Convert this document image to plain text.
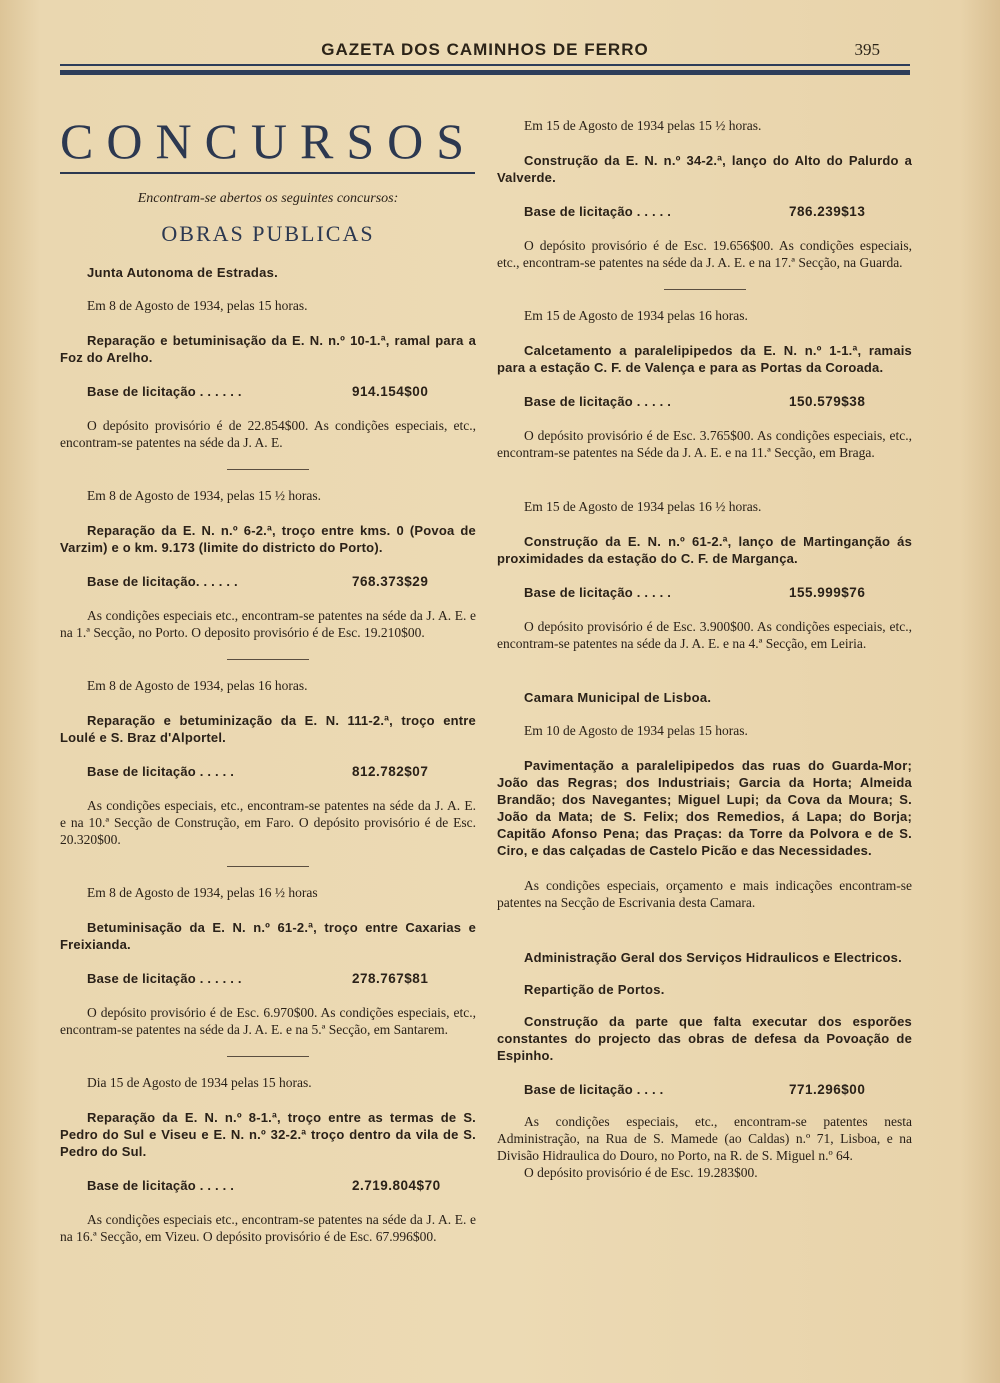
GAZETA DOS CAMINHOS DE FERRO	395
CONCURSOS

Encontram-se abertos os seguintes concursos:

OBRAS PUBLICAS

Junta Autonoma de Estradas.

Em 8 de Agosto de 1934, pelas 15 horas.

Reparação e betuminisação da E. N. n.º 10-1.ª, ramal para a Foz do Arelho.

Base de licitação . . . . . .	914.154$00

O depósito provisório é de 22.854$00. As condições especiais, etc., encontram-se patentes na séde da J. A. E.

Em 8 de Agosto de 1934, pelas 15 ½ horas.

Reparação da E. N. n.º 6-2.ª, troço entre kms. 0 (Povoa de Varzim) e o km. 9.173 (limite do districto do Porto).

Base de licitação. . . . . .	768.373$29

As condições especiais etc., encontram-se patentes na séde da J. A. E. e na 1.ª Secção, no Porto. O deposito provisório é de Esc. 19.210$00.

Em 8 de Agosto de 1934, pelas 16 horas.

Reparação e betuminização da E. N. 111-2.ª, troço entre Loulé e S. Braz d'Alportel.

Base de licitação . . . . .	812.782$07

As condições especiais, etc., encontram-se patentes na séde da J. A. E. e na 10.ª Secção de Construção, em Faro. O depósito provisório é de Esc. 20.320$00.

Em 8 de Agosto de 1934, pelas 16 ½ horas

Betuminisação da E. N. n.º 61-2.ª, troço entre Caxarias e Freixianda.

Base de licitação . . . . . .	278.767$81

O depósito provisório é de Esc. 6.970$00. As condições especiais, etc., encontram-se patentes na séde da J. A. E. e na 5.ª Secção, em Santarem.

Dia 15 de Agosto de 1934 pelas 15 horas.

Reparação da E. N. n.º 8-1.ª, troço entre as termas de S. Pedro do Sul e Viseu e E. N. n.º 32-2.ª troço dentro da vila de S. Pedro do Sul.

Base de licitação . . . . .	2.719.804$70

As condições especiais etc., encontram-se patentes na séde da J. A. E. e na 16.ª Secção, em Vizeu. O depósito provisório é de Esc. 67.996$00.

Em 15 de Agosto de 1934 pelas 15 ½ horas.

Construção da E. N. n.º 34-2.ª, lanço do Alto do Palurdo a Valverde.

Base de licitação . . . . .	786.239$13

O depósito provisório é de Esc. 19.656$00. As condições especiais, etc., encontram-se patentes na séde da J. A. E. e na 17.ª Secção, na Guarda.

Em 15 de Agosto de 1934 pelas 16 horas.

Calcetamento a paralelipipedos da E. N. n.º 1-1.ª, ramais para a estação C. F. de Valença e para as Portas da Coroada.

Base de licitação . . . . .	150.579$38

O depósito provisório é de Esc. 3.765$00. As condições especiais, etc., encontram-se patentes na Séde da J. A. E. e na 11.ª Secção, em Braga.

Em 15 de Agosto de 1934 pelas 16 ½ horas.

Construção da E. N. n.º 61-2.ª, lanço de Martinganção ás proximidades da estação do C. F. de Margança.

Base de licitação . . . . .	155.999$76

O depósito provisório é de Esc. 3.900$00. As condições especiais, etc., encontram-se patentes na séde da J. A. E. e na 4.ª Secção, em Leiria.

Camara Municipal de Lisboa.

Em 10 de Agosto de 1934 pelas 15 horas.

Pavimentação a paralelipipedos das ruas do Guarda-Mor; João das Regras; dos Industriais; Garcia da Horta; Almeida Brandão; dos Navegantes; Miguel Lupi; da Cova da Moura; S. João da Mata; de S. Felix; dos Remedios, á Lapa; do Borja; Capitão Afonso Pena; das Praças: da Torre da Polvora e de S. Ciro, e das calçadas de Castelo Picão e das Necessidades.

As condições especiais, orçamento e mais indicações encontram-se patentes na Secção de Escrivania desta Camara.

Administração Geral dos Serviços Hidraulicos e Electricos.

Repartição de Portos.

Construção da parte que falta executar dos esporões constantes do projecto das obras de defesa da Povoação de Espinho.

Base de licitação . . . .	771.296$00

As condições especiais, etc., encontram-se patentes nesta Administração, na Rua de S. Mamede (ao Caldas) n.º 71, Lisboa, e na Divisão Hidraulica do Douro, no Porto, na R. de S. Miguel n.º 64.

O depósito provisório é de Esc. 19.283$00.
